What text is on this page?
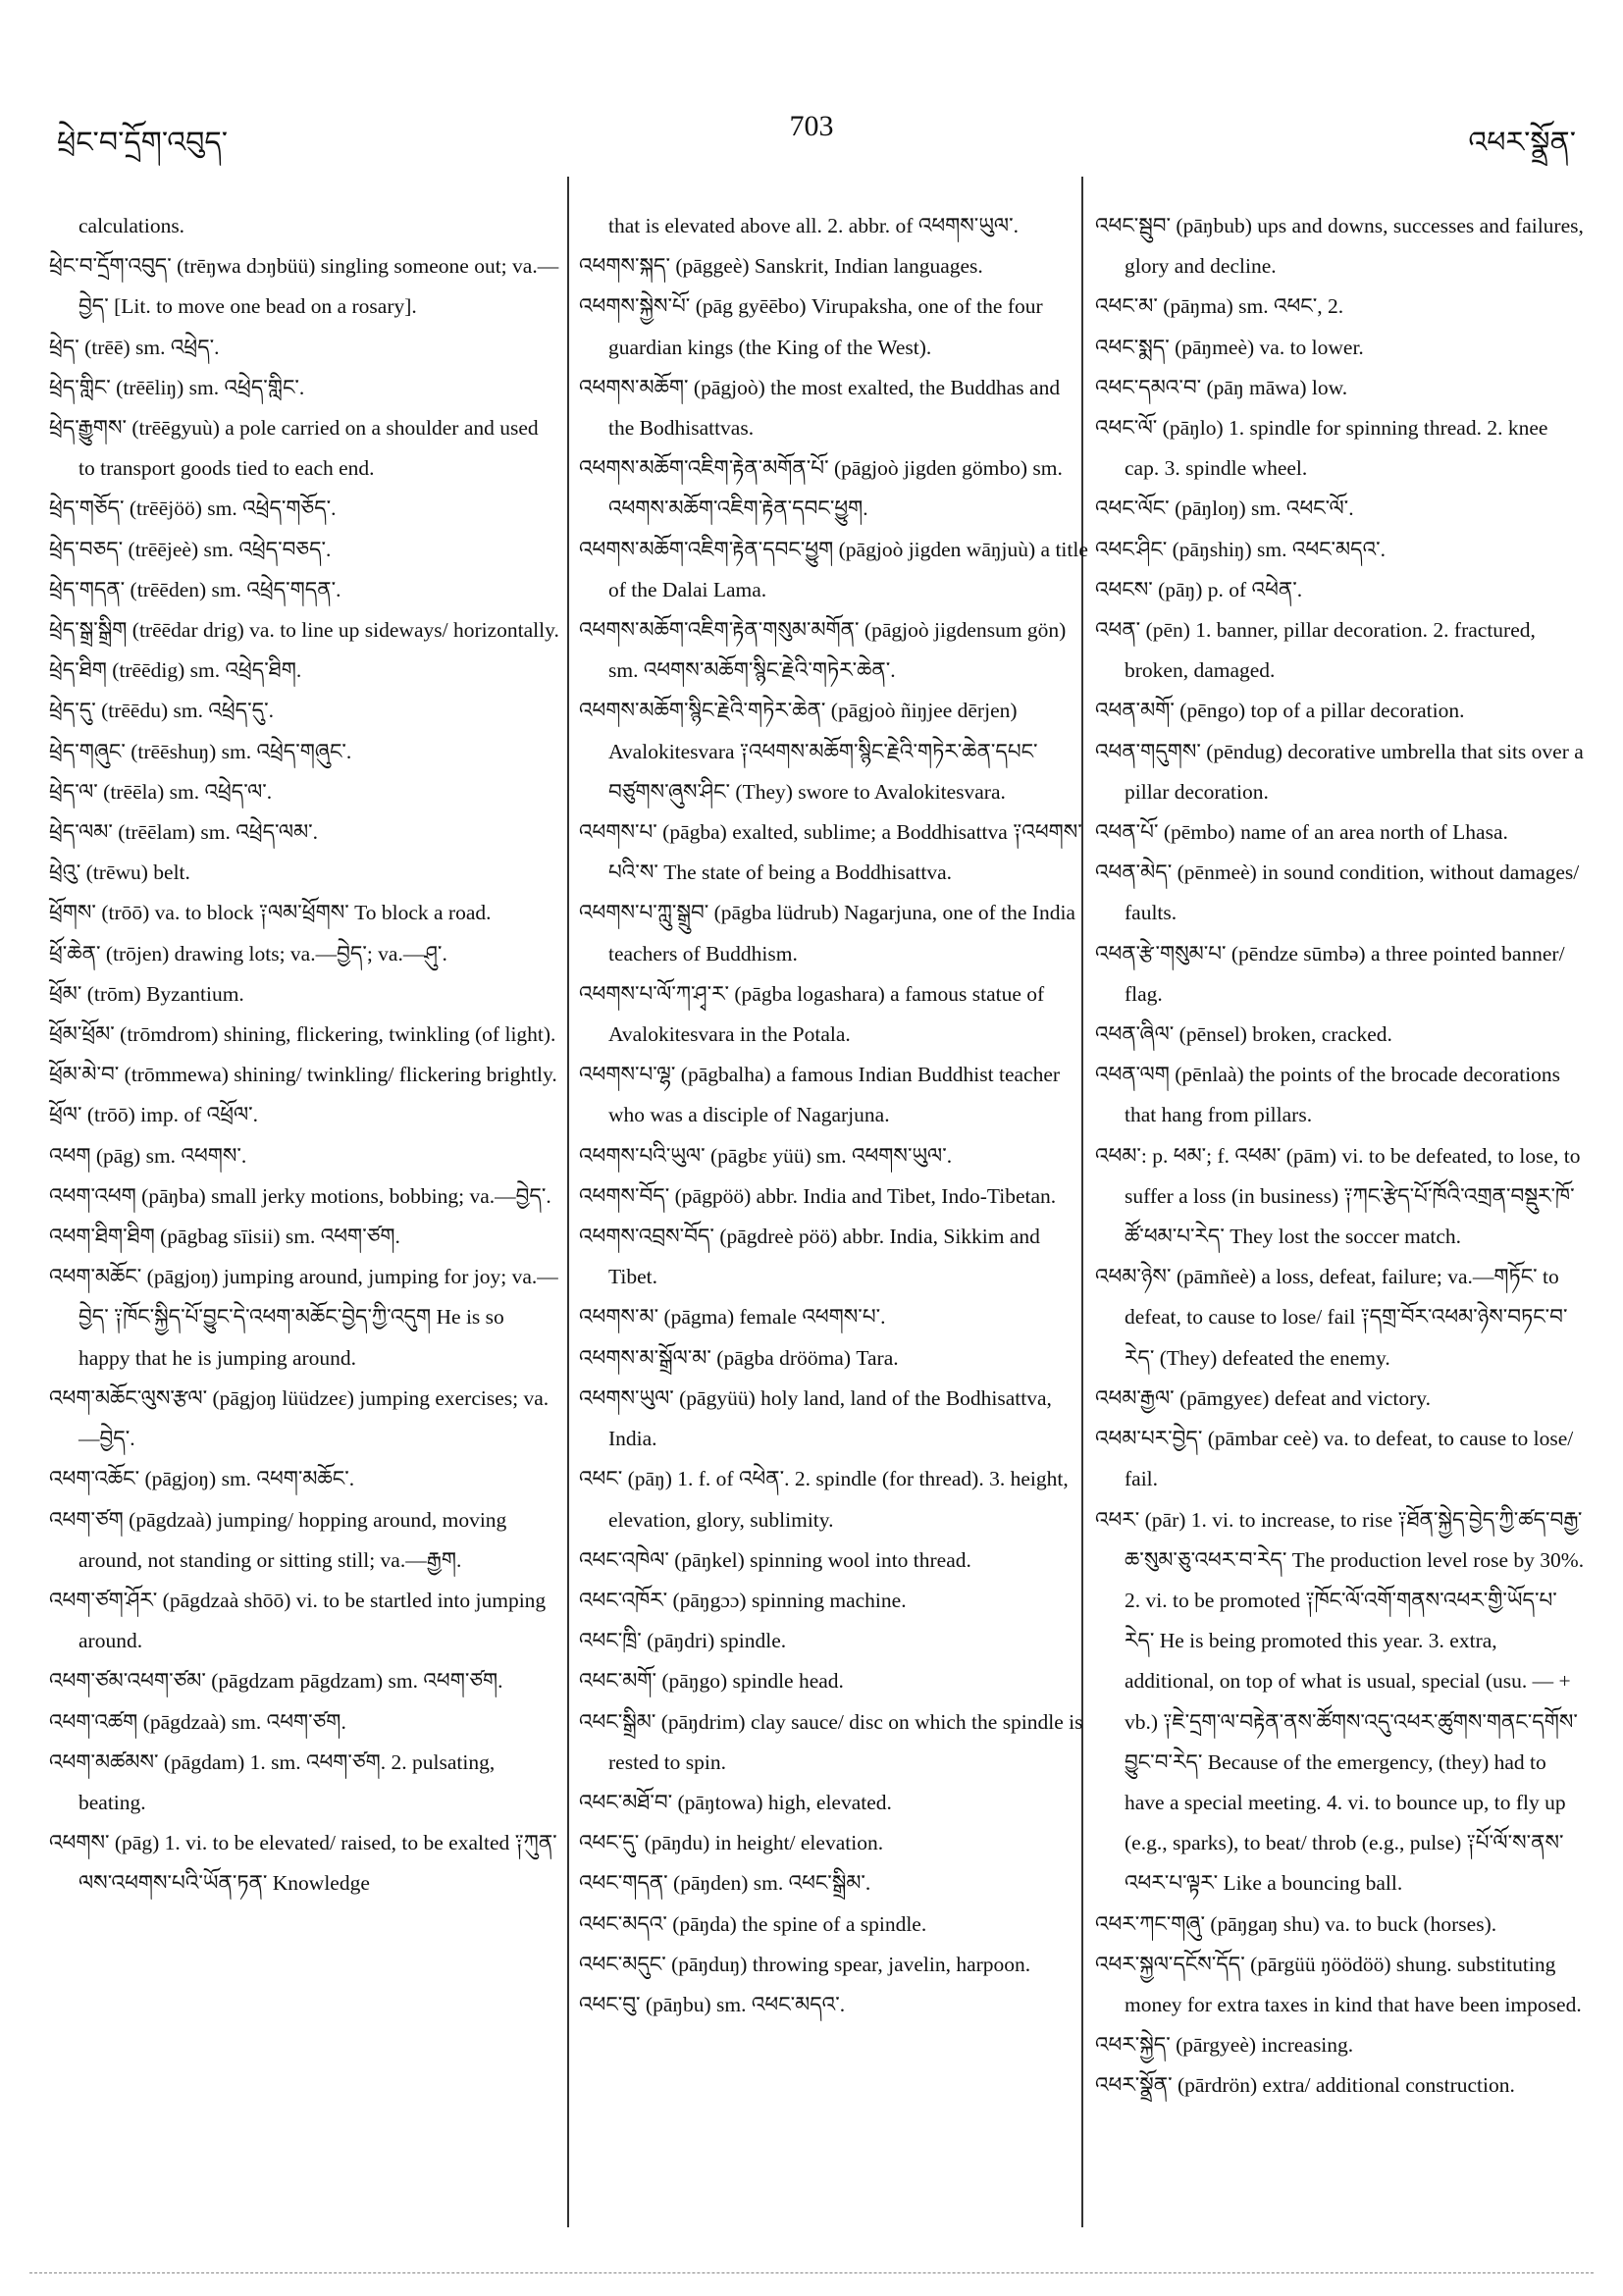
ཕྲེང་བ་དྲོག་འབུད་
703
འཕར་སྣྲོན་

calculations.

ཕྲེང་བ་དྲོག་འབུད་ (trēŋwa dɔŋbüü) singling someone out; va.—བྱེད་ [Lit. to move one bead on a rosary].

ཕྲེད་ (trēē) sm. འཕྲེད་.

ཕྲེད་གླིང་ (trēēliŋ) sm. འཕྲེད་གླིང་.

ཕྲེད་རྒྱུགས་ (trēēgyuù) a pole carried on a shoulder and used to transport goods tied to each end.

ཕྲེད་གཅོད་ (trēējöö) sm. འཕྲེད་གཅོད་.

ཕྲེད་བཅད་ (trēējeè) sm. འཕྲེད་བཅད་.

ཕྲེད་གདན་ (trēēden) sm. འཕྲེད་གདན་.

ཕྲེད་སྒྲ་སྒྲིག (trēēdar drig) va. to line up sideways/ horizontally.

ཕྲེད་ཐིག (trēēdig) sm. འཕྲེད་ཐིག.

ཕྲེད་དུ་ (trēēdu) sm. འཕྲེད་དུ་.

ཕྲེད་གཞུང་ (trēēshuŋ) sm. འཕྲེད་གཞུང་.

ཕྲེད་ལ་ (trēēla) sm. འཕྲེད་ལ་.

ཕྲེད་ལམ་ (trēēlam) sm. འཕྲེད་ལམ་.

ཕྲེའུ་ (trēwu) belt.

ཕྲོགས་ (trōō) va. to block ༑ལམ་ཕྲོགས་ To block a road.

ཕྲོ་ཆེན་ (trōjen) drawing lots; va.—བྱེད་; va.—ཤུ་.

ཕྲོམ་ (trōm) Byzantium.

ཕྲོམ་ཕྲོམ་ (trōmdrom) shining, flickering, twinkling (of light).

ཕྲོམ་མེ་བ་ (trōmmewa) shining/ twinkling/ flickering brightly.

ཕྲོལ་ (trōō) imp. of འཕྲོལ་.

འཕག (pāg) sm. འཕགས་.

འཕག་འཕག (pāŋba) small jerky motions, bobbing; va.—བྱེད་.

འཕག་ཐིག་ཐིག (pāgbag sīisii) sm. འཕག་ཙག.

འཕག་མཆོང་ (pāgjoŋ) jumping around, jumping for joy; va.—བྱེད་ ༑ཁོང་སྐྱིད་པོ་བྱུང་དེ་འཕག་མཆོང་བྱེད་ཀྱི་འདུག He is so happy that he is jumping around.

འཕག་མཆོང་ལུས་རྩལ་ (pāgjoŋ lüüdzeε) jumping exercises; va.—བྱེད་.

འཕག་འཆོང་ (pāgjoŋ) sm. འཕག་མཆོང་.

འཕག་ཙག (pāgdzaà) jumping/ hopping around, moving around, not standing or sitting still; va.—རྒྱག.

འཕག་ཙག་ཤོར་ (pāgdzaà shōō) vi. to be startled into jumping around.

འཕག་ཙམ་འཕག་ཙམ་ (pāgdzam pāgdzam) sm. འཕག་ཙག.

འཕག་འཚག (pāgdzaà) sm. འཕག་ཙག.

འཕག་མཚམས་ (pāgdam) 1. sm. འཕག་ཙག. 2. pulsating, beating.

འཕགས་ (pāg) 1. vi. to be elevated/ raised, to be exalted ༑ཀུན་ལས་འཕགས་པའི་ཡོན་ཏན་ Knowledge

that is elevated above all. 2. abbr. of འཕགས་ཡུལ་.

འཕགས་སྐད་ (pāggeè) Sanskrit, Indian languages.

འཕགས་སྐྱེས་པོ་ (pāg gyēēbo) Virupaksha, one of the four guardian kings (the King of the West).

འཕགས་མཆོག་ (pāgjoò) the most exalted, the Buddhas and the Bodhisattvas.

འཕགས་མཆོག་འཇིག་རྟེན་མགོན་པོ་ (pāgjoò jigden gömbo) sm. འཕགས་མཆོག་འཇིག་རྟེན་དབང་ཕྱུག.

འཕགས་མཆོག་འཇིག་རྟེན་དབང་ཕྱུག (pāgjoò jigden wāŋjuù) a title of the Dalai Lama.

འཕགས་མཆོག་འཇིག་རྟེན་གསུམ་མགོན་ (pāgjoò jigdensum gön) sm. འཕགས་མཆོག་སྙིང་རྗེའི་གཏེར་ཆེན་.

འཕགས་མཆོག་སྙིང་རྗེའི་གཏེར་ཆེན་ (pāgjoò ñiŋjee dērjen) Avalokitesvara ༑འཕགས་མཆོག་སྙིང་རྗེའི་གཏེར་ཆེན་དཔང་བཙུགས་ཞུས་ཤིང་ (They) swore to Avalokitesvara.

འཕགས་པ་ (pāgba) exalted, sublime; a Boddhisattva ༑འཕགས་པའི་ས་ The state of being a Boddhisattva.

འཕགས་པ་ཀླུ་སྒྲུབ་ (pāgba lüdrub) Nagarjuna, one of the India teachers of Buddhism.

འཕགས་པ་ལོ་ཀ་ཤྭ་ར་ (pāgba logashara) a famous statue of Avalokitesvara in the Potala.

འཕགས་པ་ལྷ་ (pāgbalha) a famous Indian Buddhist teacher who was a disciple of Nagarjuna.

འཕགས་པའི་ཡུལ་ (pāgbε yüü) sm. འཕགས་ཡུལ་.

འཕགས་བོད་ (pāgpöö) abbr. India and Tibet, Indo-Tibetan.

འཕགས་འབྲས་བོད་ (pāgdreè pöö) abbr. India, Sikkim and Tibet.

འཕགས་མ་ (pāgma) female འཕགས་པ་.

འཕགས་མ་སྒྲོལ་མ་ (pāgba drööma) Tara.

འཕགས་ཡུལ་ (pāgyüü) holy land, land of the Bodhisattva, India.

འཕང་ (pāŋ) 1. f. of འཕེན་. 2. spindle (for thread). 3. height, elevation, glory, sublimity.

འཕང་འཁེལ་ (pāŋkel) spinning wool into thread.

འཕང་འཁོར་ (pāŋgɔɔ) spinning machine.

འཕང་ཁྲི་ (pāŋdri) spindle.

འཕང་མགོ་ (pāŋgo) spindle head.

འཕང་སྒྲིམ་ (pāŋdrim) clay sauce/ disc on which the spindle is rested to spin.

འཕང་མཐོ་བ་ (pāŋtowa) high, elevated.

འཕང་དུ་ (pāŋdu) in height/ elevation.

འཕང་གདན་ (pāŋden) sm. འཕང་སྒྲིམ་.

འཕང་མདའ་ (pāŋda) the spine of a spindle.

འཕང་མདུང་ (pāŋduŋ) throwing spear, javelin, harpoon.

འཕང་བུ་ (pāŋbu) sm. འཕང་མདའ་.

འཕང་སྦུབ་ (pāŋbub) ups and downs, successes and failures, glory and decline.

འཕང་མ་ (pāŋma) sm. འཕང་, 2.

འཕང་སྨད་ (pāŋmeè) va. to lower.

འཕང་དམའ་བ་ (pāŋ māwa) low.

འཕང་ལོ་ (pāŋlo) 1. spindle for spinning thread. 2. knee cap. 3. spindle wheel.

འཕང་ལོང་ (pāŋloŋ) sm. འཕང་ལོ་.

འཕང་ཤིང་ (pāŋshiŋ) sm. འཕང་མདའ་.

འཕངས་ (pāŋ) p. of འཕེན་.

འཕན་ (pēn) 1. banner, pillar decoration. 2. fractured, broken, damaged.

འཕན་མགོ་ (pēngo) top of a pillar decoration.

འཕན་གདུགས་ (pēndug) decorative umbrella that sits over a pillar decoration.

འཕན་པོ་ (pēmbo) name of an area north of Lhasa.

འཕན་མེད་ (pēnmeè) in sound condition, without damages/ faults.

འཕན་རྩེ་གསུམ་པ་ (pēndze sūmbə) a three pointed banner/ flag.

འཕན་ཞིལ་ (pēnsel) broken, cracked.

འཕན་ལག (pēnlaà) the points of the brocade decorations that hang from pillars.

འཕམ་: p. ཕམ་; f. འཕམ་ (pām) vi. to be defeated, to lose, to suffer a loss (in business) ༑ཀང་རྩེད་པོ་ཁོའི་འགྲན་བསྡུར་ཁོ་ཚོ་ཕམ་པ་རེད་ They lost the soccer match.

འཕམ་ཉེས་ (pāmñeè) a loss, defeat, failure; va.—གཏོང་ to defeat, to cause to lose/ fail ༑དགྲ་བོར་འཕམ་ཉེས་བཏང་བ་རེད་ (They) defeated the enemy.

འཕམ་རྒྱལ་ (pāmgyeε) defeat and victory.

འཕམ་པར་བྱེད་ (pāmbar ceè) va. to defeat, to cause to lose/ fail.

འཕར་ (pār) 1. vi. to increase, to rise ༑ཐོན་སྐྱེད་བྱེད་ཀྱི་ཚད་བརྒྱ་ཆ་སུམ་ཅུ་འཕར་བ་རེད་ The production level rose by 30%. 2. vi. to be promoted ༑ཁོང་ལོ་འགོ་གནས་འཕར་གྱི་ཡོད་པ་རེད་ He is being promoted this year. 3. extra, additional, on top of what is usual, special (usu. — + vb.) ༑ཇེ་དྲག་ལ་བརྟེན་ནས་ཚོགས་འདུ་འཕར་ཚུགས་གནང་དགོས་བྱུང་བ་རེད་ Because of the emergency, (they) had to have a special meeting. 4. vi. to bounce up, to fly up (e.g., sparks), to beat/ throb (e.g., pulse) ༑པོ་ལོ་ས་ནས་འཕར་པ་ལྟར་ Like a bouncing ball.

འཕར་ཀང་གཞུ་ (pāŋgaŋ shu) va. to buck (horses).

འཕར་སྐྱལ་དངོས་དོད་ (pārgüü ŋöödöö) shung. substituting money for extra taxes in kind that have been imposed.

འཕར་སྐྱེད་ (pārgyeè) increasing.

འཕར་སྣྲོན་ (pārdrön) extra/ additional construction.
